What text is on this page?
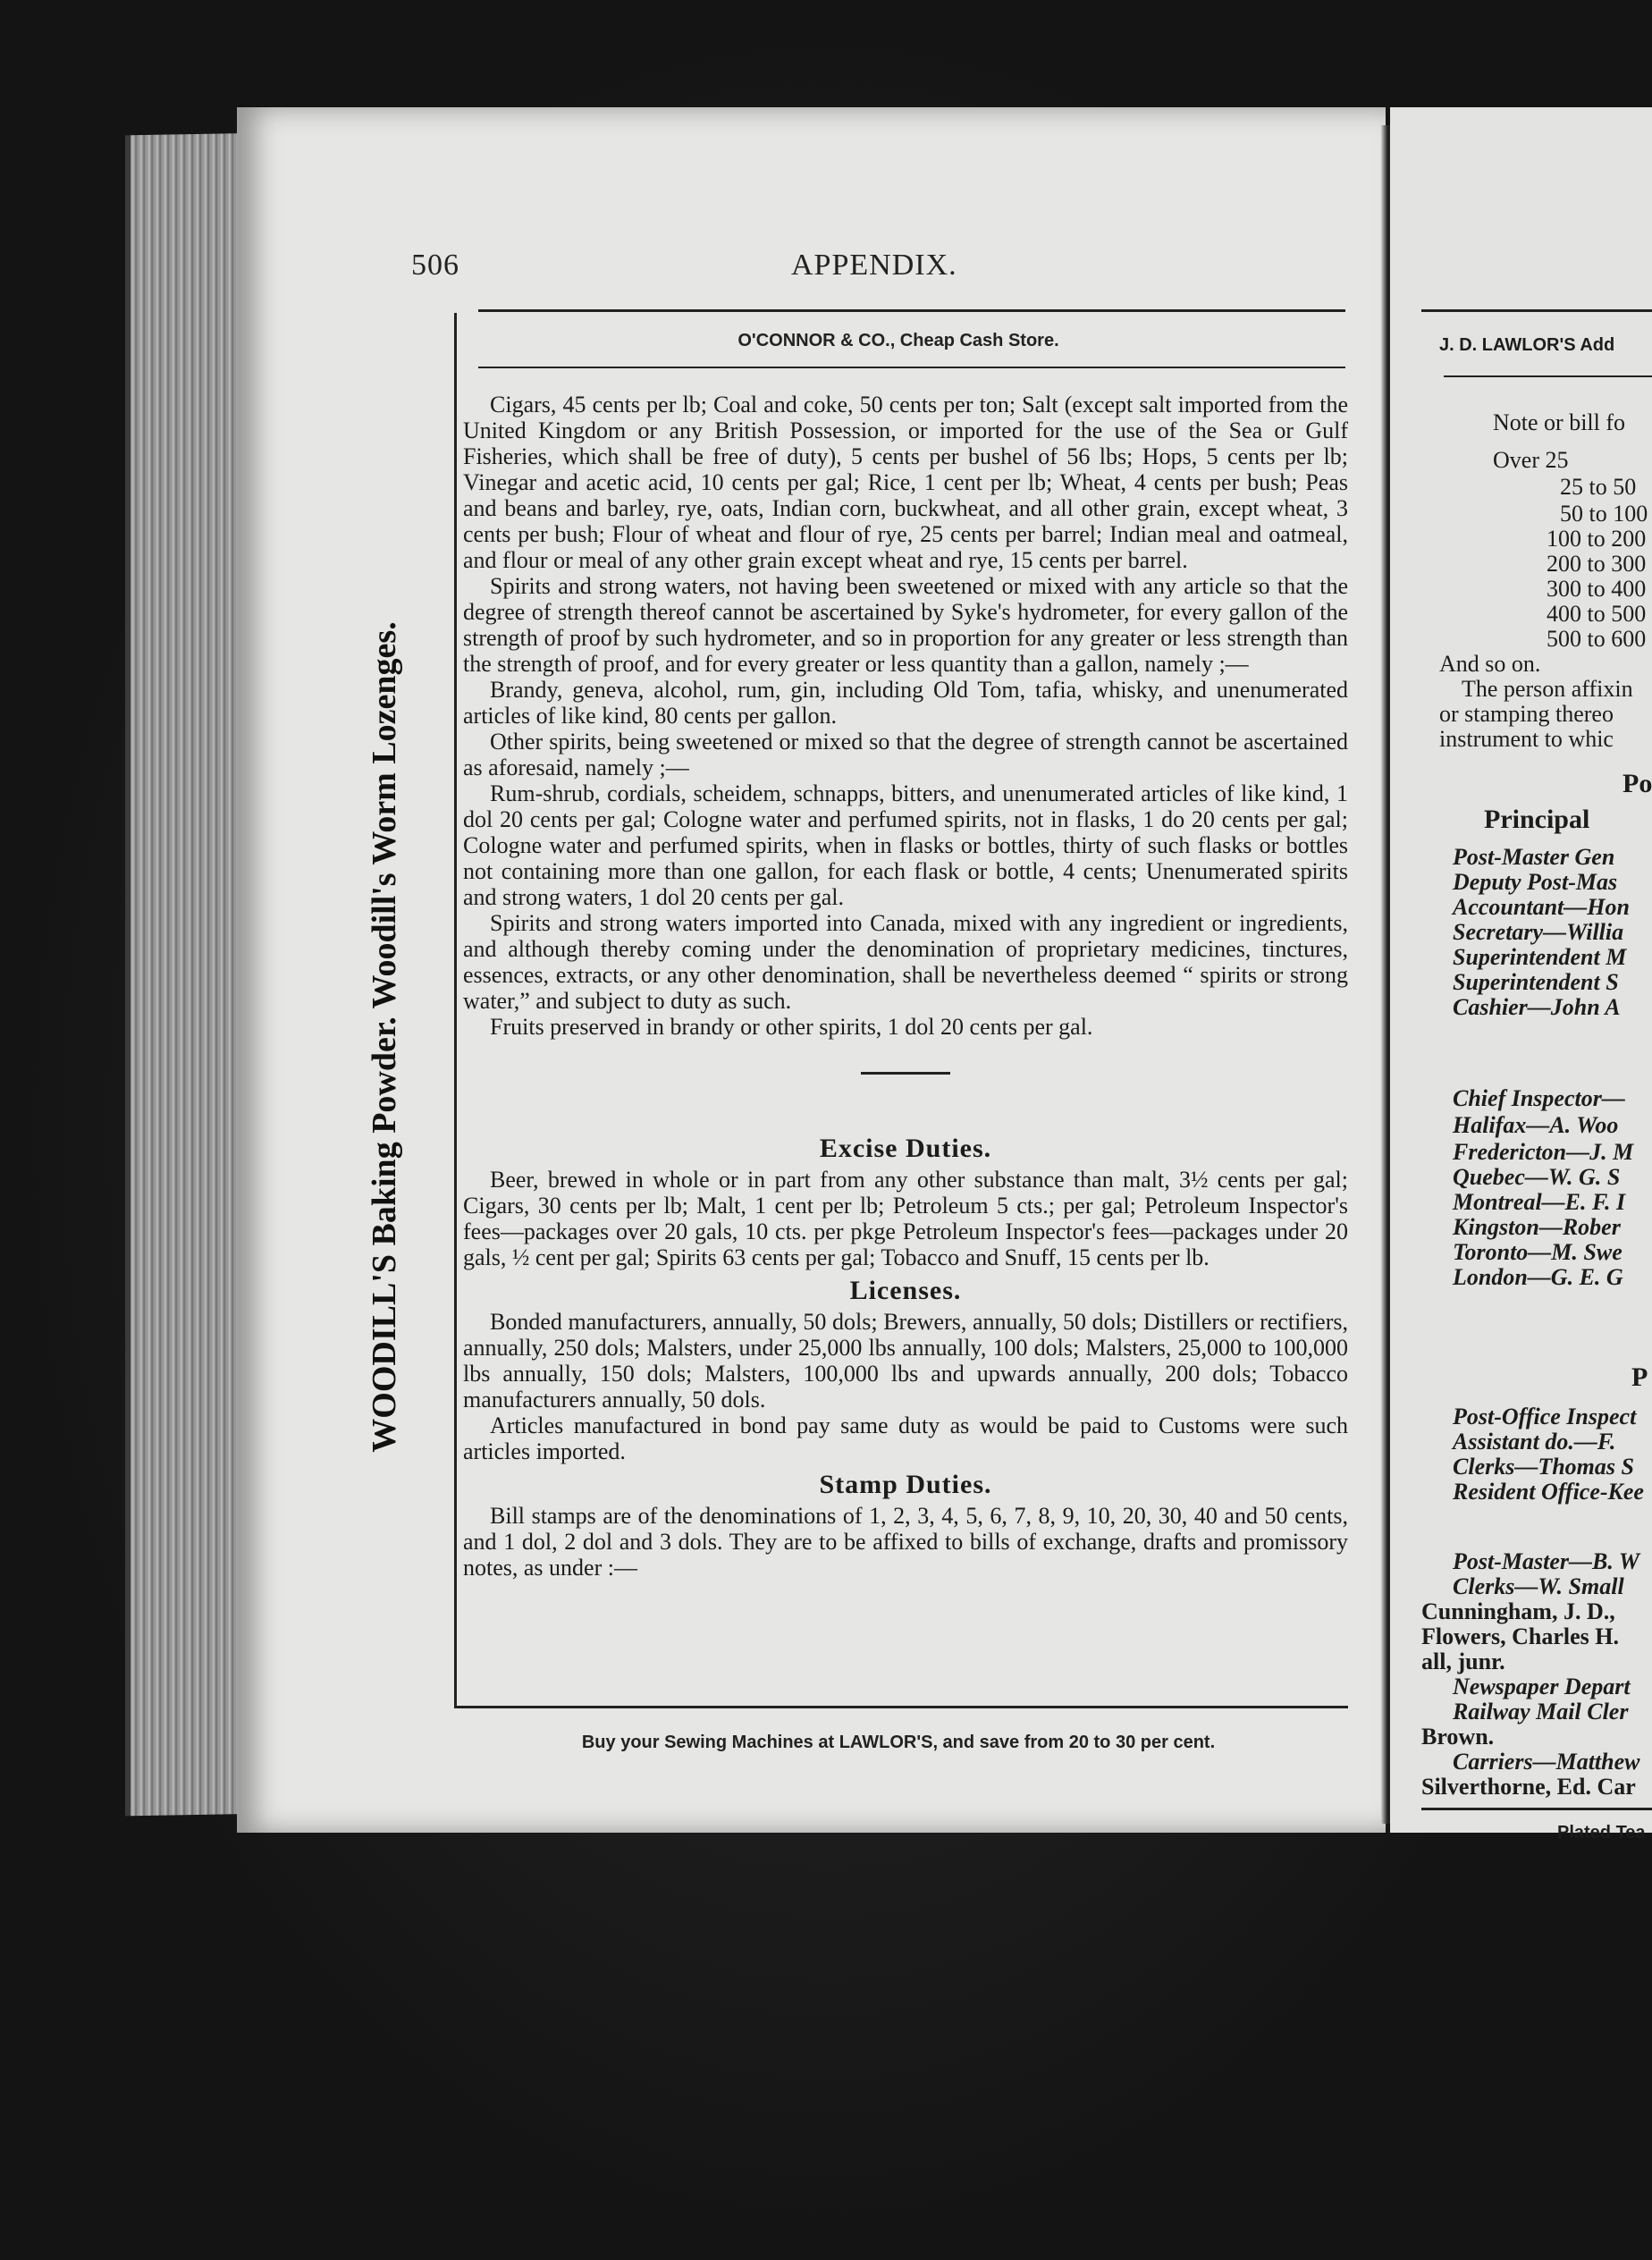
506	APPENDIX.
O'CONNOR & CO., Cheap Cash Store.
WOODILL'S Baking Powder. Woodill's Worm Lozenges.

Cigars, 45 cents per lb; Coal and coke, 50 cents per ton; Salt (except salt imported from the United Kingdom or any British Possession, or imported for the use of the Sea or Gulf Fisheries, which shall be free of duty), 5 cents per bushel of 56 lbs; Hops, 5 cents per lb; Vinegar and acetic acid, 10 cents per gal; Rice, 1 cent per lb; Wheat, 4 cents per bush; Peas and beans and barley, rye, oats, Indian corn, buckwheat, and all other grain, except wheat, 3 cents per bush; Flour of wheat and flour of rye, 25 cents per barrel; Indian meal and oatmeal, and flour or meal of any other grain except wheat and rye, 15 cents per barrel.

Spirits and strong waters, not having been sweetened or mixed with any article so that the degree of strength thereof cannot be ascertained by Syke's hydrometer, for every gallon of the strength of proof by such hydrometer, and so in proportion for any greater or less strength than the strength of proof, and for every greater or less quantity than a gallon, namely ;—

Brandy, geneva, alcohol, rum, gin, including Old Tom, tafia, whisky, and unenumerated articles of like kind, 80 cents per gallon.

Other spirits, being sweetened or mixed so that the degree of strength cannot be ascertained as aforesaid, namely ;—

Rum-shrub, cordials, scheidem, schnapps, bitters, and unenumerated articles of like kind, 1 dol 20 cents per gal; Cologne water and perfumed spirits, not in flasks, 1 do 20 cents per gal; Cologne water and perfumed spirits, when in flasks or bottles, thirty of such flasks or bottles not containing more than one gallon, for each flask or bottle, 4 cents; Unenumerated spirits and strong waters, 1 dol 20 cents per gal.

Spirits and strong waters imported into Canada, mixed with any ingredient or ingredients, and although thereby coming under the denomination of proprietary medicines, tinctures, essences, extracts, or any other denomination, shall be nevertheless deemed “ spirits or strong water,” and subject to duty as such.

Fruits preserved in brandy or other spirits, 1 dol 20 cents per gal.

Excise Duties.

Beer, brewed in whole or in part from any other substance than malt, 3½ cents per gal; Cigars, 30 cents per lb; Malt, 1 cent per lb; Petroleum 5 cts.; per gal; Petroleum Inspector's fees—packages over 20 gals, 10 cts. per pkge Petroleum Inspector's fees—packages under 20 gals, ½ cent per gal; Spirits 63 cents per gal; Tobacco and Snuff, 15 cents per lb.

Licenses.

Bonded manufacturers, annually, 50 dols; Brewers, annually, 50 dols; Distillers or rectifiers, annually, 250 dols; Malsters, under 25,000 lbs annually, 100 dols; Malsters, 25,000 to 100,000 lbs annually, 150 dols; Malsters, 100,000 lbs and upwards annually, 200 dols; Tobacco manufacturers annually, 50 dols.

Articles manufactured in bond pay same duty as would be paid to Customs were such articles imported.

Stamp Duties.

Bill stamps are of the denominations of 1, 2, 3, 4, 5, 6, 7, 8, 9, 10, 20, 30, 40 and 50 cents, and 1 dol, 2 dol and 3 dols. They are to be affixed to bills of exchange, drafts and promissory notes, as under :—

Buy your Sewing Machines at LAWLOR'S, and save from 20 to 30 per cent.
J. D. LAWLOR'S Add
Note or bill fo
Over 25
25 to 50
50 to 100
100 to 200
200 to 300
300 to 400
400 to 500
500 to 600
And so on.
The person affixin
or stamping thereo
instrument to whic
Po
Principal
Post-Master Gen
Deputy Post-Mas
Accountant—Hon
Secretary—Willia
Superintendent M
Superintendent S
Cashier—John A
Chief Inspector—
Halifax—A. Woo
Fredericton—J. M
Quebec—W. G. S
Montreal—E. F. I
Kingston—Rober
Toronto—M. Swe
London—G. E. G
P
Post-Office Inspect
Assistant do.—F.
Clerks—Thomas S
Resident Office-Kee
Post-Master—B. W
Clerks—W. Small
Cunningham, J. D.,
Flowers, Charles H.
all, junr.
Newspaper Depart
Railway Mail Cler
Brown.
Carriers—Matthew
Silverthorne, Ed. Car
Plated Tea
